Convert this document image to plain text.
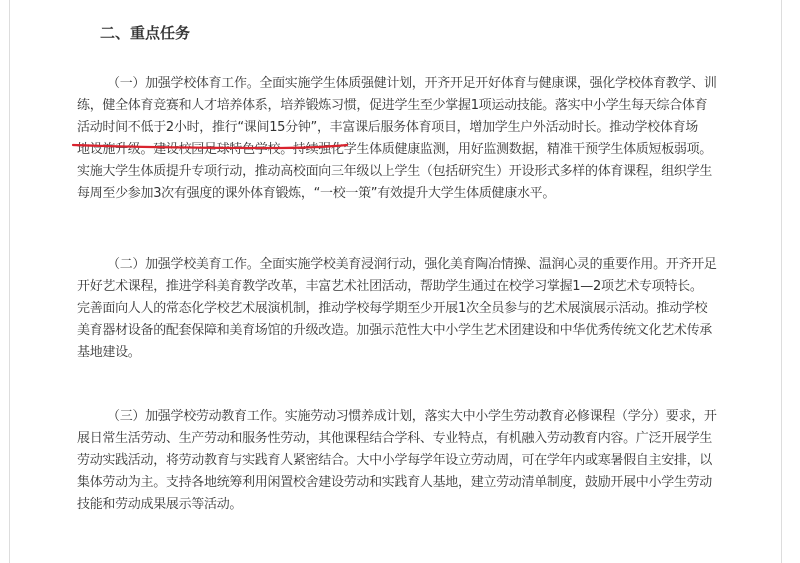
二、重点任务
（一）加强学校体育工作。全面实施学生体质强健计划，开齐开足开好体育与健康课，强化学校体育教学、训
练，健全体育竞赛和人才培养体系，培养锻炼习惯，促进学生至少掌握1项运动技能。落实中小学生每天综合体育
活动时间不低于2小时，推行“课间15分钟”，丰富课后服务体育项目，增加学生户外活动时长。推动学校体育场
地设施升级。建设校园足球特色学校。持续强化学生体质健康监测，用好监测数据，精准干预学生体质短板弱项。
实施大学生体质提升专项行动，推动高校面向三年级以上学生（包括研究生）开设形式多样的体育课程，组织学生
每周至少参加3次有强度的课外体育锻炼，“一校一策”有效提升大学生体质健康水平。
（二）加强学校美育工作。全面实施学校美育浸润行动，强化美育陶冶情操、温润心灵的重要作用。开齐开足
开好艺术课程，推进学科美育教学改革，丰富艺术社团活动，帮助学生通过在校学习掌握1—2项艺术专项特长。
完善面向人人的常态化学校艺术展演机制，推动学校每学期至少开展1次全员参与的艺术展演展示活动。推动学校
美育器材设备的配套保障和美育场馆的升级改造。加强示范性大中小学生艺术团建设和中华优秀传统文化艺术传承
基地建设。
（三）加强学校劳动教育工作。实施劳动习惯养成计划，落实大中小学生劳动教育必修课程（学分）要求，开
展日常生活劳动、生产劳动和服务性劳动，其他课程结合学科、专业特点，有机融入劳动教育内容。广泛开展学生
劳动实践活动，将劳动教育与实践育人紧密结合。大中小学每学年设立劳动周，可在学年内或寒暑假自主安排，以
集体劳动为主。支持各地统筹利用闲置校舍建设劳动和实践育人基地，建立劳动清单制度，鼓励开展中小学生劳动
技能和劳动成果展示等活动。
